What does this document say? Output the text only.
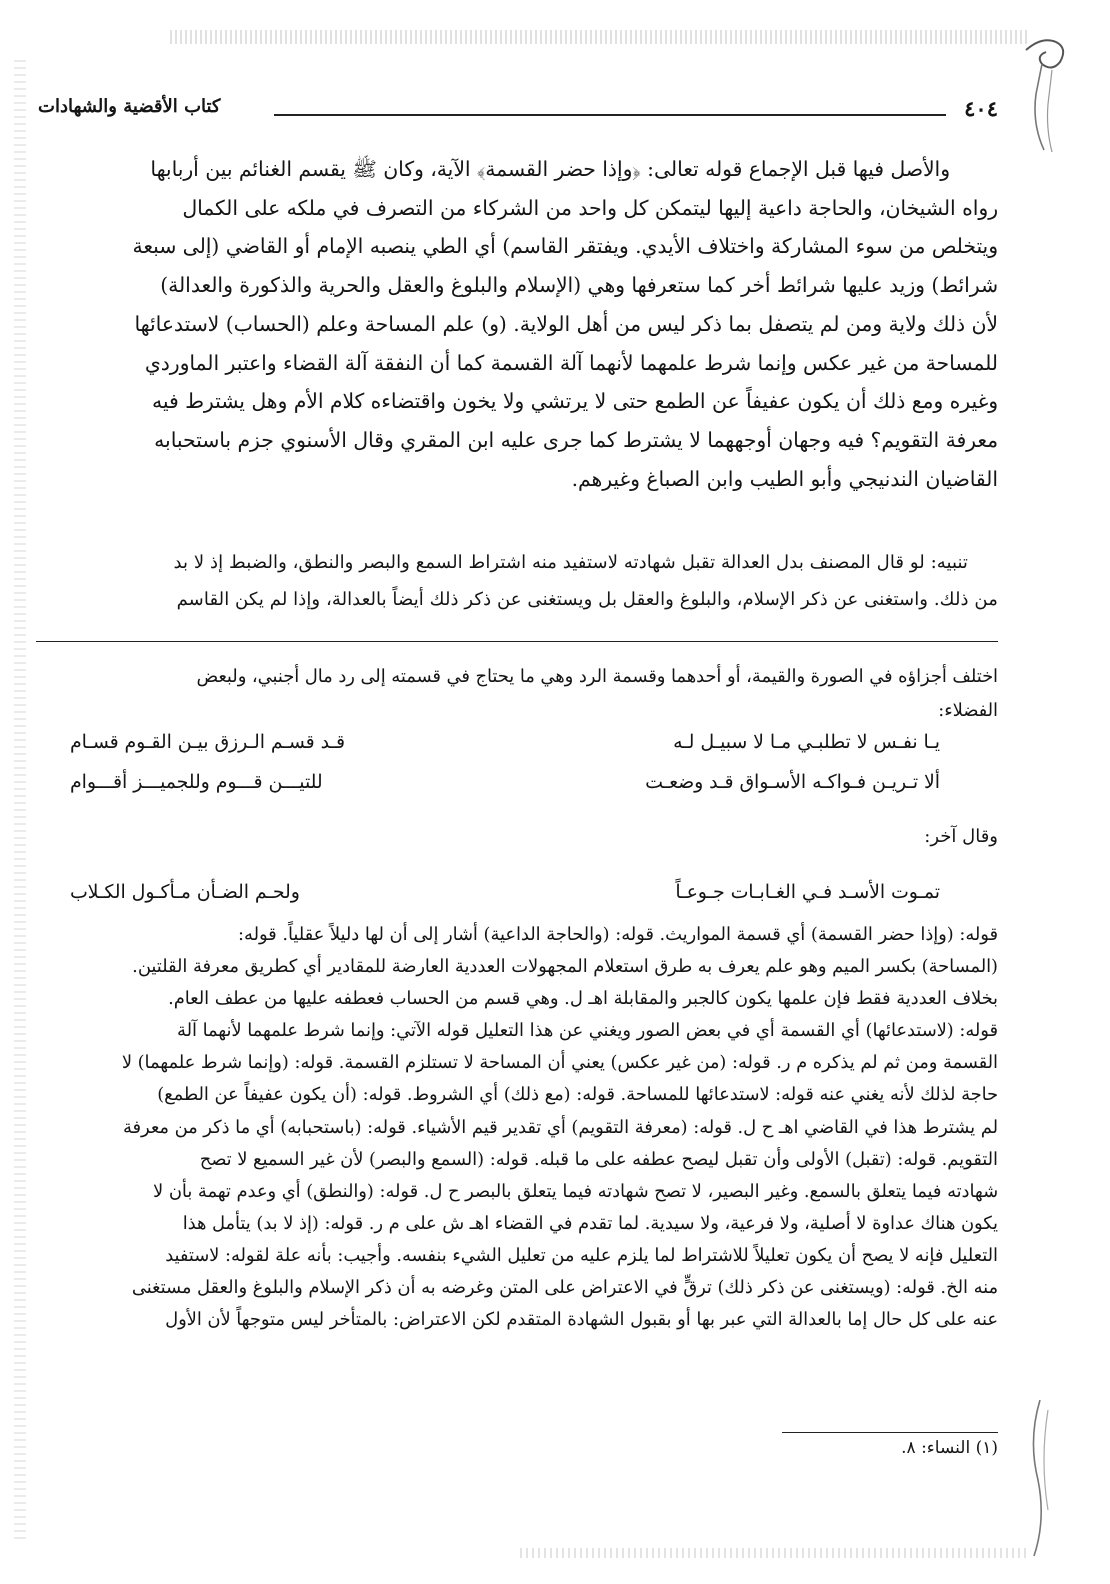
٤٠٤
كتاب الأقضية والشهادات
والأصل فيها قبل الإجماع قوله تعالى: ﴿وإذا حضر القسمة﴾ الآية، وكان ﷺ يقسم الغنائم بين أربابها
رواه الشيخان، والحاجة داعية إليها ليتمكن كل واحد من الشركاء من التصرف في ملكه على الكمال
ويتخلص من سوء المشاركة واختلاف الأيدي. ويفتقر القاسم) أي الطي ينصبه الإمام أو القاضي (إلى سبعة
شرائط) وزيد عليها شرائط أخر كما ستعرفها وهي (الإسلام والبلوغ والعقل والحرية والذكورة والعدالة)
لأن ذلك ولاية ومن لم يتصفل بما ذكر ليس من أهل الولاية. (و) علم المساحة وعلم (الحساب) لاستدعائها
للمساحة من غير عكس وإنما شرط علمهما لأنهما آلة القسمة كما أن النفقة آلة القضاء واعتبر الماوردي
وغيره ومع ذلك أن يكون عفيفاً عن الطمع حتى لا يرتشي ولا يخون واقتضاءه كلام الأم وهل يشترط فيه
معرفة التقويم؟ فيه وجهان أوجههما لا يشترط كما جرى عليه ابن المقري وقال الأسنوي جزم باستحبابه
القاضيان الندنيجي وأبو الطيب وابن الصباغ وغيرهم.
تنبيه: لو قال المصنف بدل العدالة تقبل شهادته لاستفيد منه اشتراط السمع والبصر والنطق، والضبط إذ لا بد
من ذلك. واستغنى عن ذكر الإسلام، والبلوغ والعقل بل ويستغنى عن ذكر ذلك أيضاً بالعدالة، وإذا لم يكن القاسم
اختلف أجزاؤه في الصورة والقيمة، أو أحدهما وقسمة الرد وهي ما يحتاج في قسمته إلى رد مال أجنبي، ولبعض
الفضلاء:
يـا نفـس لا تطلبـي مـا لا سبيـل لـه
قـد قسـم الـرزق بيـن القـوم قسـام
ألا تـريـن فـواكـه الأسـواق قـد وضعـت
للتيـــن قـــوم وللجميـــز أقـــوام
وقال آخر:
تمـوت الأسـد فـي الغـابـات جـوعـاً
ولحـم الضـأن مـأكـول الكـلاب
قوله: (وإذا حضر القسمة) أي قسمة المواريث. قوله: (والحاجة الداعية) أشار إلى أن لها دليلاً عقلياً. قوله:
(المساحة) بكسر الميم وهو علم يعرف به طرق استعلام المجهولات العددية العارضة للمقادير أي كطريق معرفة القلتين.
بخلاف العددية فقط فإن علمها يكون كالجبر والمقابلة اهـ ل. وهي قسم من الحساب فعطفه عليها من عطف العام.
قوله: (لاستدعائها) أي القسمة أي في بعض الصور ويغني عن هذا التعليل قوله الآتي: وإنما شرط علمهما لأنهما آلة
القسمة ومن ثم لم يذكره م ر. قوله: (من غير عكس) يعني أن المساحة لا تستلزم القسمة. قوله: (وإنما شرط علمهما) لا
حاجة لذلك لأنه يغني عنه قوله: لاستدعائها للمساحة. قوله: (مع ذلك) أي الشروط. قوله: (أن يكون عفيفاً عن الطمع)
لم يشترط هذا في القاضي اهـ ح ل. قوله: (معرفة التقويم) أي تقدير قيم الأشياء. قوله: (باستحبابه) أي ما ذكر من معرفة
التقويم. قوله: (تقبل) الأولى وأن تقبل ليصح عطفه على ما قبله. قوله: (السمع والبصر) لأن غير السميع لا تصح
شهادته فيما يتعلق بالسمع. وغير البصير، لا تصح شهادته فيما يتعلق بالبصر ح ل. قوله: (والنطق) أي وعدم تهمة بأن لا
يكون هناك عداوة لا أصلية، ولا فرعية، ولا سيدية. لما تقدم في القضاء اهـ ش على م ر. قوله: (إذ لا بد) يتأمل هذا
التعليل فإنه لا يصح أن يكون تعليلاً للاشتراط لما يلزم عليه من تعليل الشيء بنفسه. وأجيب: بأنه علة لقوله: لاستفيد
منه الخ. قوله: (ويستغنى عن ذكر ذلك) ترقٍّ في الاعتراض على المتن وغرضه به أن ذكر الإسلام والبلوغ والعقل مستغنى
عنه على كل حال إما بالعدالة التي عبر بها أو بقبول الشهادة المتقدم لكن الاعتراض: بالمتأخر ليس متوجهاً لأن الأول
(١) النساء: ٨.
